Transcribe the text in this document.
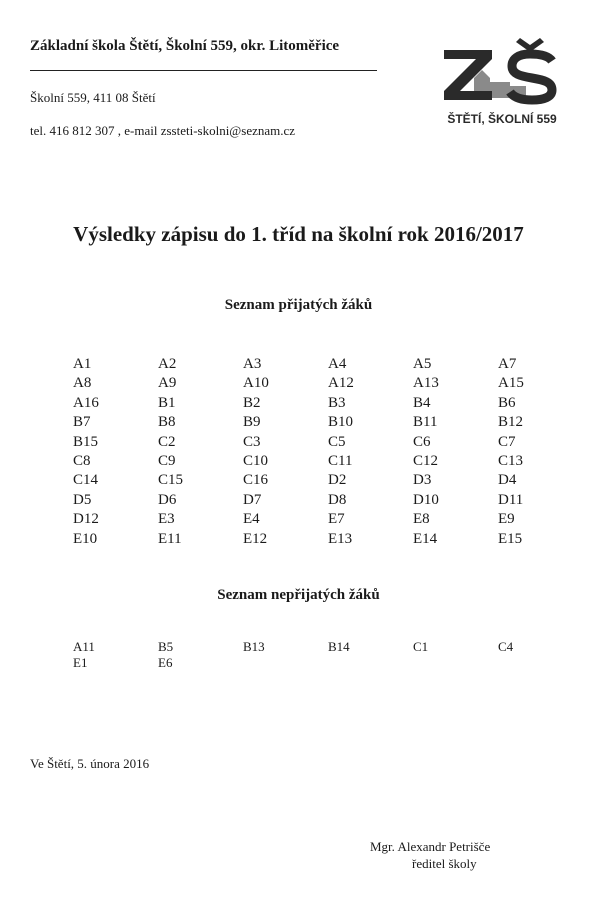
Základní škola Štětí, Školní 559, okr. Litoměřice
Školní 559, 411 08 Štětí
tel. 416 812 307 , e-mail zssteti-skolni@seznam.cz
ŠTĚTÍ, ŠKOLNÍ 559
Výsledky zápisu do 1. tříd na školní rok 2016/2017
Seznam přijatých žáků
A1	A2	A3	A4	A5	A7
A8	A9	A10	A12	A13	A15
A16	B1	B2	B3	B4	B6
B7	B8	B9	B10	B11	B12
B15	C2	C3	C5	C6	C7
C8	C9	C10	C11	C12	C13
C14	C15	C16	D2	D3	D4
D5	D6	D7	D8	D10	D11
D12	E3	E4	E7	E8	E9
E10	E11	E12	E13	E14	E15
Seznam nepřijatých žáků
A11	B5	B13	B14	C1	C4
E1	E6
Ve Štětí, 5. února 2016
Mgr. Alexandr Petrišče
ředitel školy
